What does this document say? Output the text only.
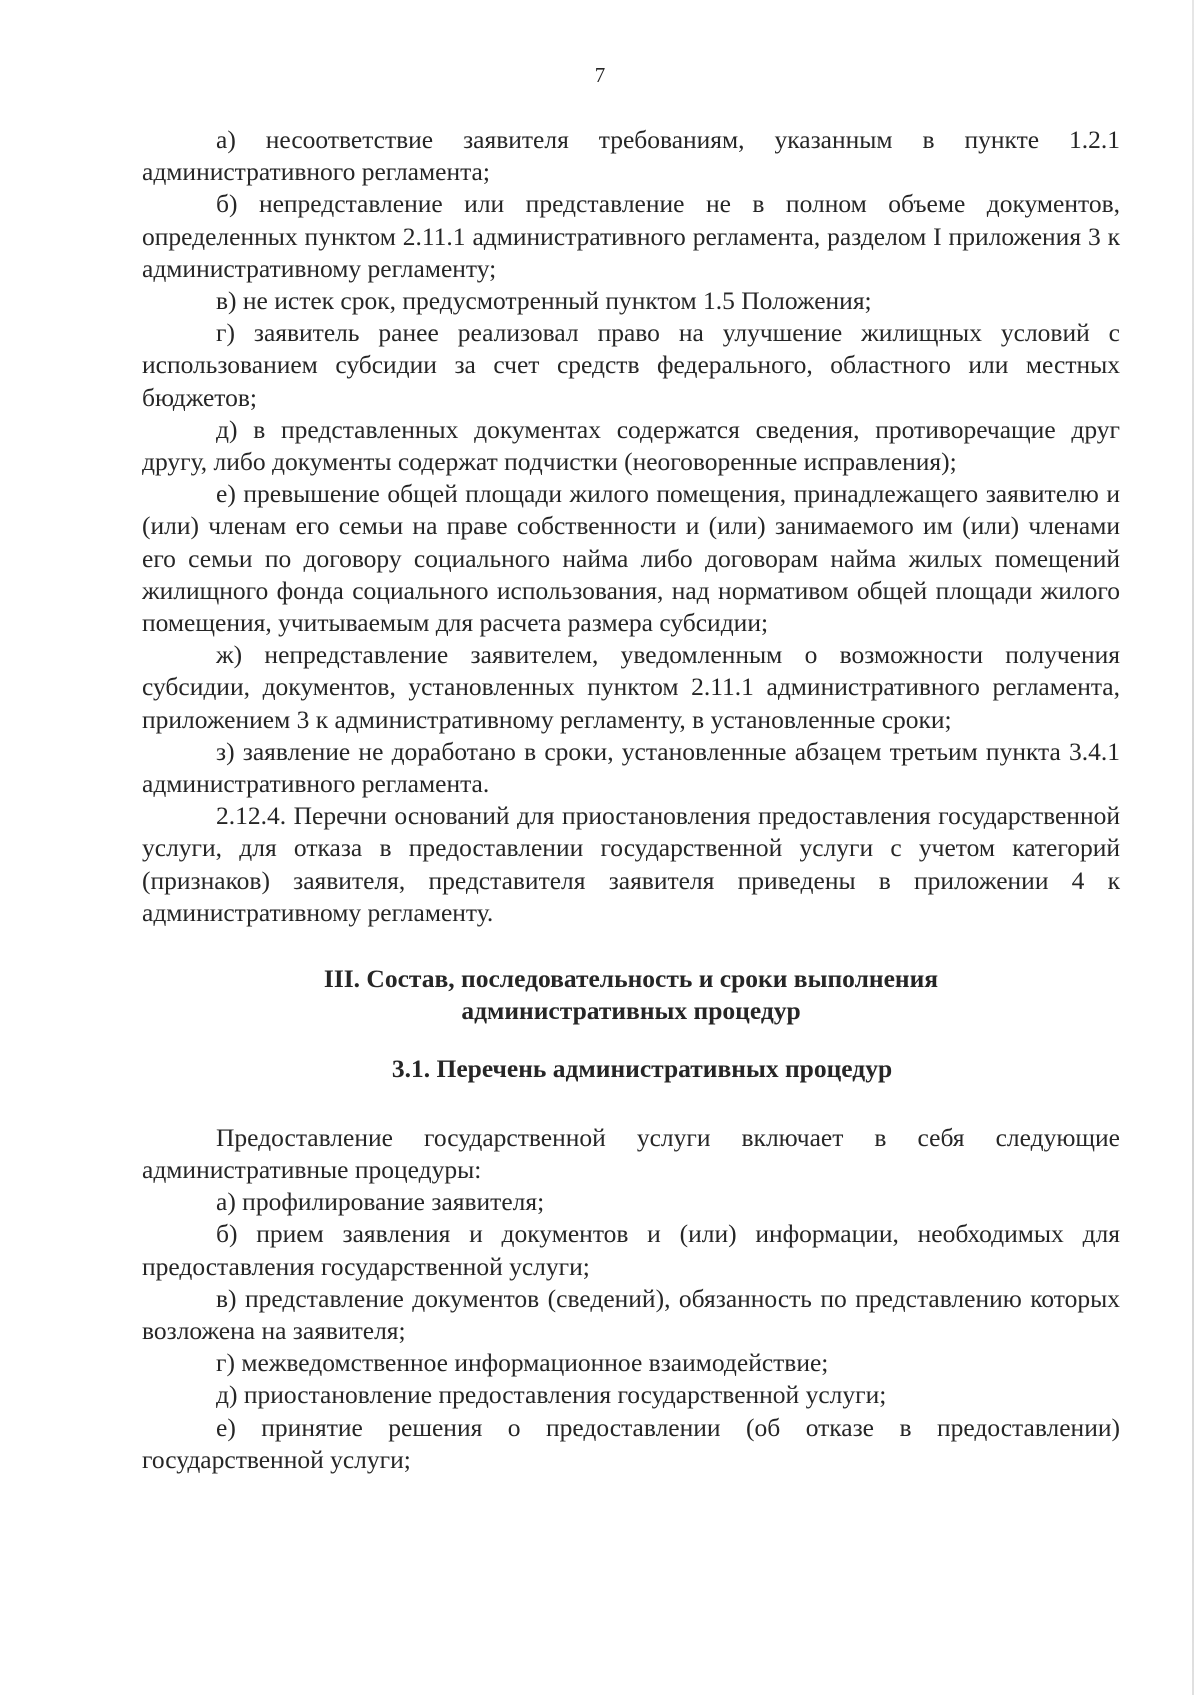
7

а) несоответствие заявителя требованиям, указанным в пункте 1.2.1 административного регламента;

б) непредставление или представление не в полном объеме документов, определенных пунктом 2.11.1 административного регламента, разделом I приложения 3 к административному регламенту;

в) не истек срок, предусмотренный пунктом 1.5 Положения;

г) заявитель ранее реализовал право на улучшение жилищных условий с использованием субсидии за счет средств федерального, областного или местных бюджетов;

д) в представленных документах содержатся сведения, противоречащие друг другу, либо документы содержат подчистки (неоговоренные исправления);

е) превышение общей площади жилого помещения, принадлежащего заявителю и (или) членам его семьи на праве собственности и (или) занимаемого им (или) членами его семьи по договору социального найма либо договорам найма жилых помещений жилищного фонда социального использования, над нормативом общей площади жилого помещения, учитываемым для расчета размера субсидии;

ж) непредставление заявителем, уведомленным о возможности получения субсидии, документов, установленных пунктом 2.11.1 административного регламента, приложением 3 к административному регламенту, в установленные сроки;

з) заявление не доработано в сроки, установленные абзацем третьим пункта 3.4.1 административного регламента.

2.12.4. Перечни оснований для приостановления предоставления государственной услуги, для отказа в предоставлении государственной услуги с учетом категорий (признаков) заявителя, представителя заявителя приведены в приложении 4 к административному регламенту.

III. Состав, последовательность и сроки выполнения
административных процедур
3.1. Перечень административных процедур

Предоставление государственной услуги включает в себя следующие административные процедуры:

а) профилирование заявителя;

б) прием заявления и документов и (или) информации, необходимых для предоставления государственной услуги;

в) представление документов (сведений), обязанность по представлению которых возложена на заявителя;

г) межведомственное информационное взаимодействие;

д) приостановление предоставления государственной услуги;

е) принятие решения о предоставлении (об отказе в предоставлении) государственной услуги;
